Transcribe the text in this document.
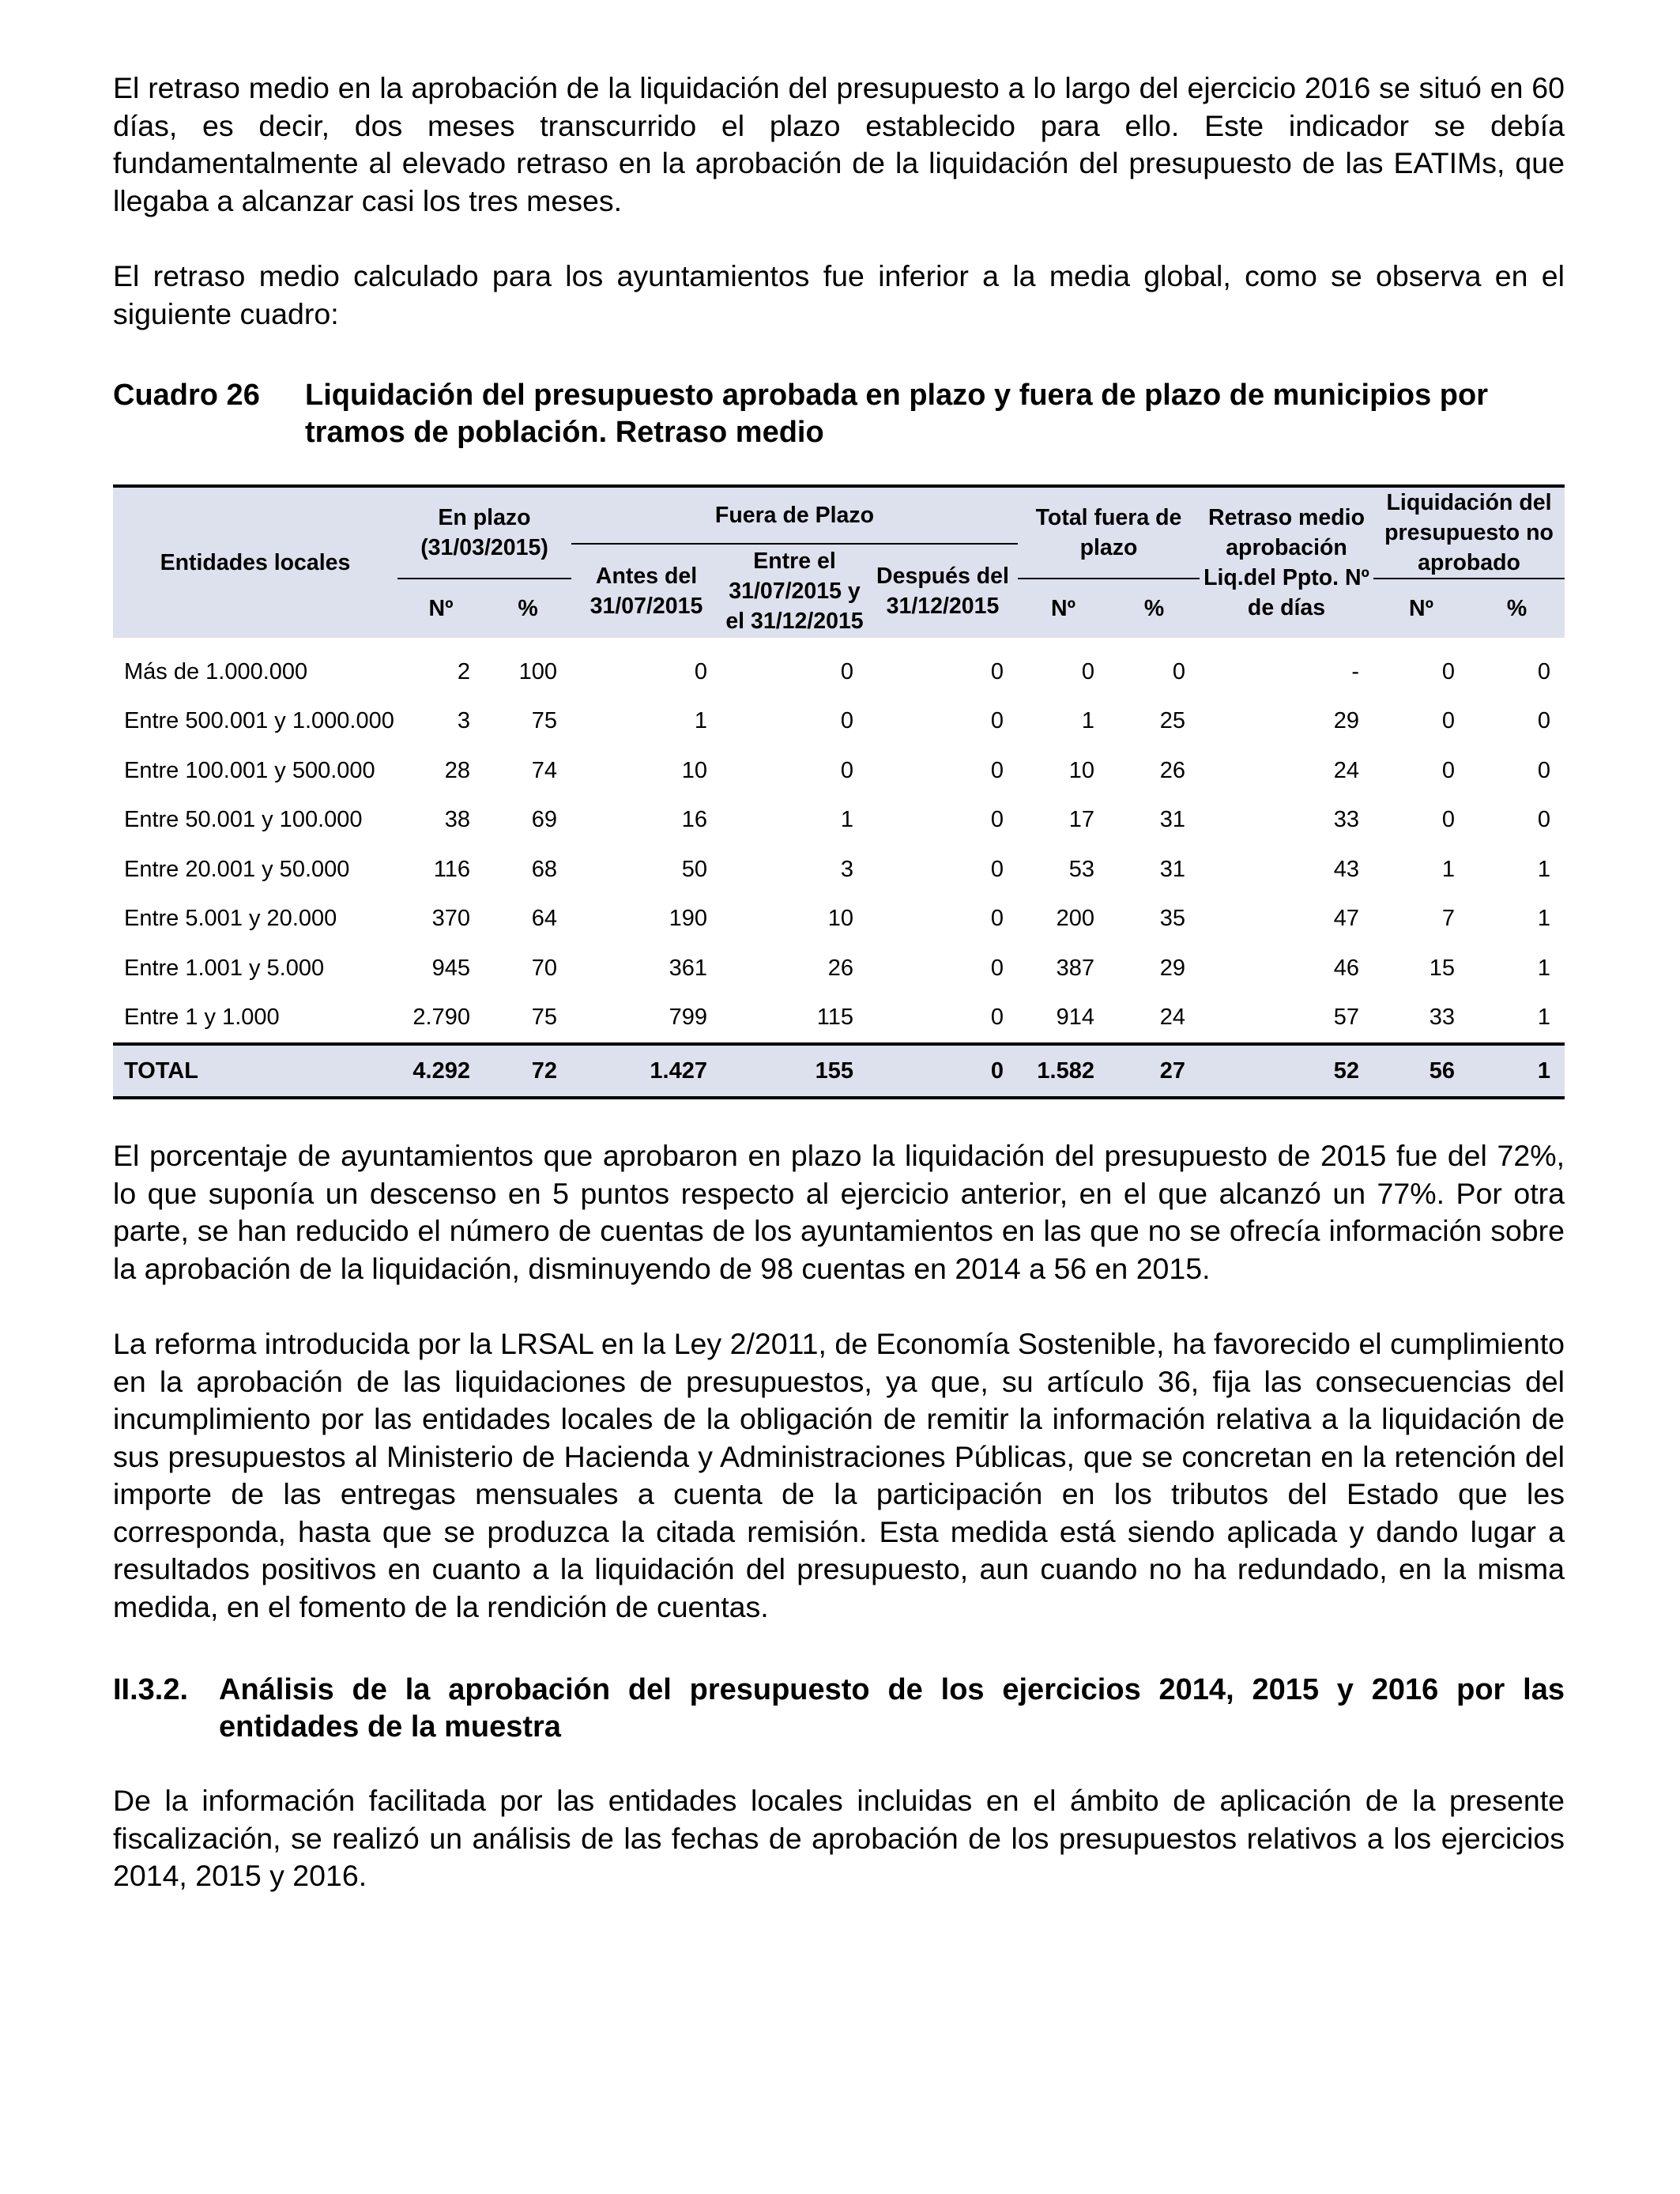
El retraso medio en la aprobación de la liquidación del presupuesto a lo largo del ejercicio 2016 se situó en 60 días, es decir, dos meses transcurrido el plazo establecido para ello. Este indicador se debía fundamentalmente al elevado retraso en la aprobación de la liquidación del presupuesto de las EATIMs, que llegaba a alcanzar casi los tres meses.

El retraso medio calculado para los ayuntamientos fue inferior a la media global, como se observa en el siguiente cuadro:

Cuadro 26	Liquidación del presupuesto aprobada en plazo y fuera de plazo de municipios por tramos de población. Retraso medio
Entidades locales	En plazo (31/03/2015)		Fuera de Plazo			Total fuera de plazo		Retraso medio aprobación Liq.del Ppto. Nº de días	Liquidación del presupuesto no aprobado	
			Antes del 31/07/2015	Entre el 31/07/2015 y el 31/12/2015	Después del 31/12/2015					
	Nº	%				Nº	%		Nº	%
Más de 1.000.000	2	100	0	0	0	0	0	-	0	0
Entre 500.001 y 1.000.000	3	75	1	0	0	1	25	29	0	0
Entre 100.001 y 500.000	28	74	10	0	0	10	26	24	0	0
Entre 50.001 y 100.000	38	69	16	1	0	17	31	33	0	0
Entre 20.001 y 50.000	116	68	50	3	0	53	31	43	1	1
Entre 5.001 y 20.000	370	64	190	10	0	200	35	47	7	1
Entre 1.001 y 5.000	945	70	361	26	0	387	29	46	15	1
Entre 1 y 1.000	2.790	75	799	115	0	914	24	57	33	1
TOTAL	4.292	72	1.427	155	0	1.582	27	52	56	1

El porcentaje de ayuntamientos que aprobaron en plazo la liquidación del presupuesto de 2015 fue del 72%, lo que suponía un descenso en 5 puntos respecto al ejercicio anterior, en el que alcanzó un 77%. Por otra parte, se han reducido el número de cuentas de los ayuntamientos en las que no se ofrecía información sobre la aprobación de la liquidación, disminuyendo de 98 cuentas en 2014 a 56 en 2015.

La reforma introducida por la LRSAL en la Ley 2/2011, de Economía Sostenible, ha favorecido el cumplimiento en la aprobación de las liquidaciones de presupuestos, ya que, su artículo 36, fija las consecuencias del incumplimiento por las entidades locales de la obligación de remitir la información relativa a la liquidación de sus presupuestos al Ministerio de Hacienda y Administraciones Públicas, que se concretan en la retención del importe de las entregas mensuales a cuenta de la participación en los tributos del Estado que les corresponda, hasta que se produzca la citada remisión. Esta medida está siendo aplicada y dando lugar a resultados positivos en cuanto a la liquidación del presupuesto, aun cuando no ha redundado, en la misma medida, en el fomento de la rendición de cuentas.

II.3.2.	Análisis de la aprobación del presupuesto de los ejercicios 2014, 2015 y 2016 por las entidades de la muestra

De la información facilitada por las entidades locales incluidas en el ámbito de aplicación de la presente fiscalización, se realizó un análisis de las fechas de aprobación de los presupuestos relativos a los ejercicios 2014, 2015 y 2016.
